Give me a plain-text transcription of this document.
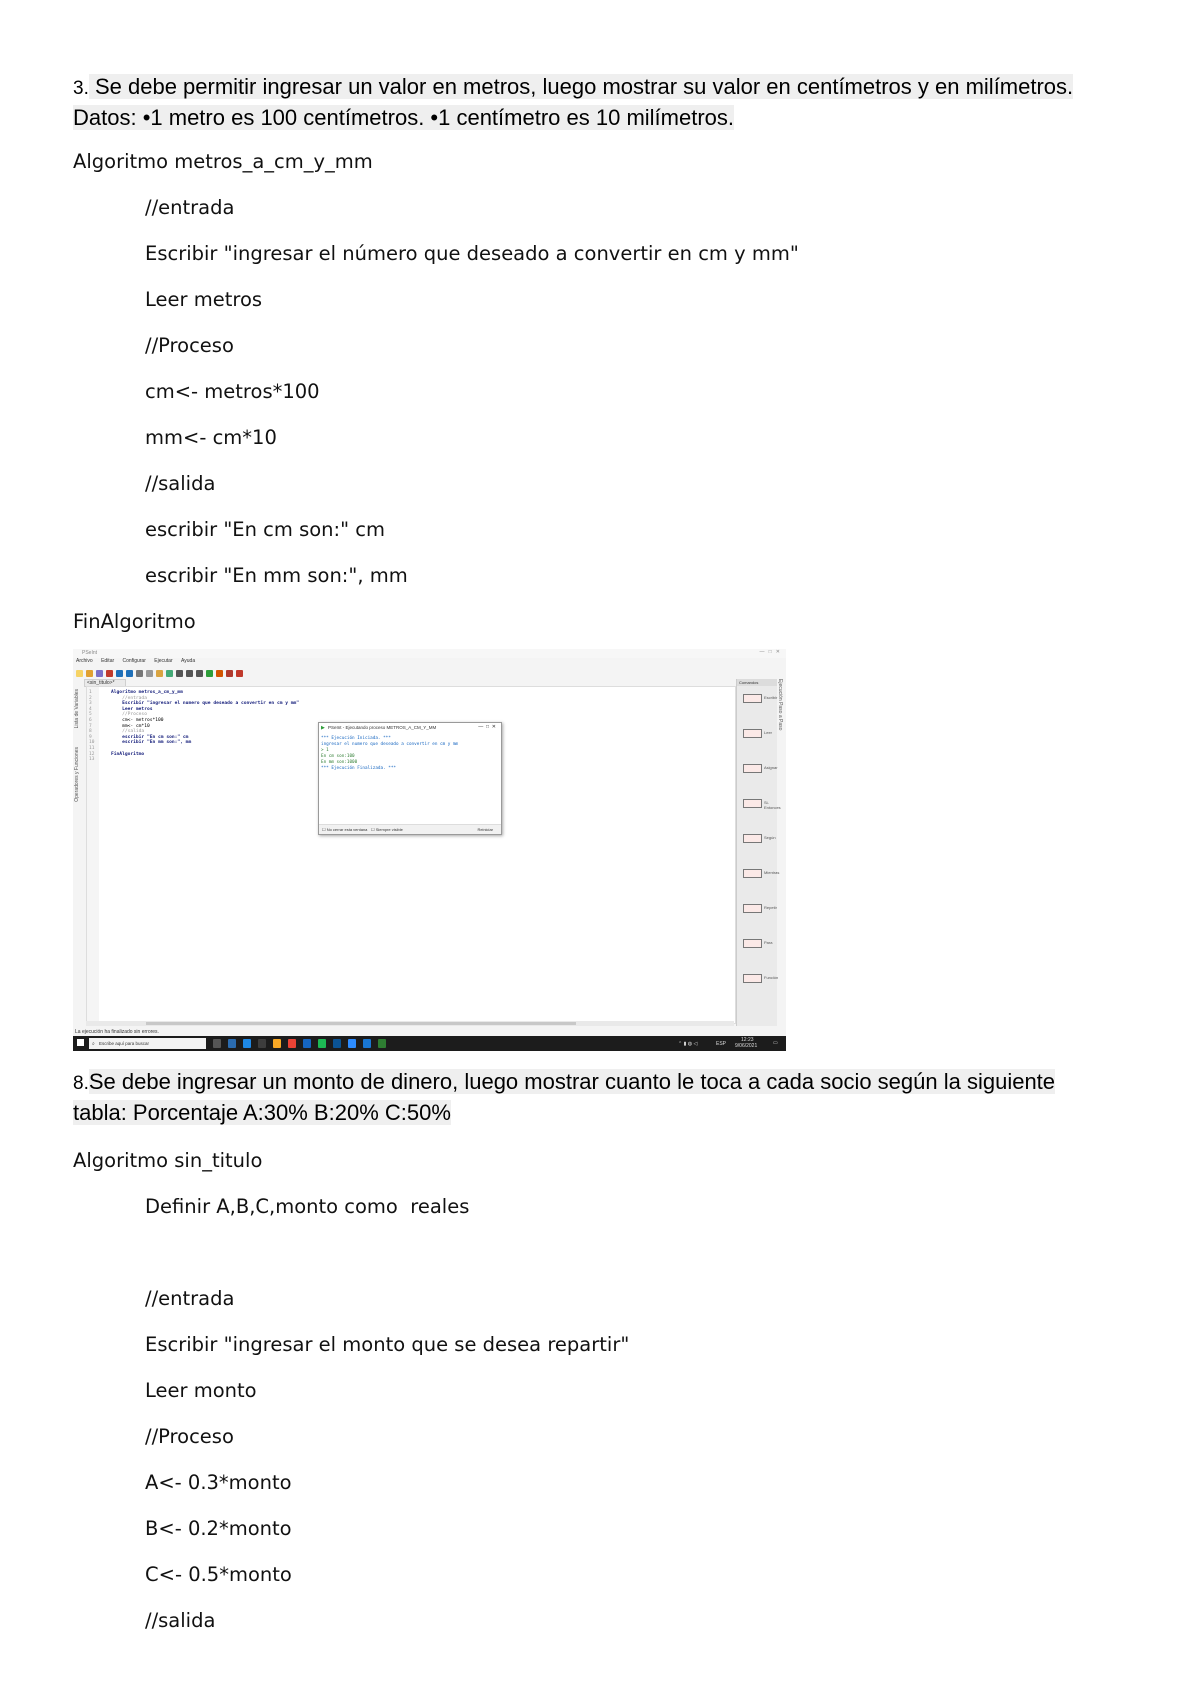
3. Se debe permitir ingresar un valor en metros, luego mostrar su valor en centímetros y en milímetros.
Datos: •1 metro es 100 centímetros. •1 centímetro es 10 milímetros.
Algoritmo metros_a_cm_y_mm
//entrada
Escribir "ingresar el número que deseado a convertir en cm y mm"
Leer metros
//Proceso
cm<- metros*100
mm<- cm*10
//salida
escribir "En cm son:" cm
escribir "En mm son:", mm
FinAlgoritmo
PSeInt	—   □   ✕
Archivo Editar Configurar Ejecutar Ayuda
<sin_titulo>*
Lista de Variables
Operadores y Funciones
1
2
3
4
5
6
7
8
9
10
11
12
13
Algoritmo metros_a_cm_y_mm
//entrada
Escribir "ingresar el numero que deseado a convertir en cm y mm"
Leer metros
//Proceso
cm<- metros*100
mm<- cm*10
//salida
escribir "En cm son:" cm
escribir "En mm son:", mm
FinAlgoritmo
▶ PSeInt - Ejecutando proceso METROS_A_CM_Y_MM	—  □  ✕
*** Ejecución Iniciada. ***
ingresar el numero que deseado a convertir en cm y mm
> 1
En cm son:100
En mm son:1000
*** Ejecución Finalizada. ***
☐ No cerrar esta ventana ☐ Siempre visible	Reiniciar
Comandos
Escribir
Leer
Asignar
Si-Entonces
Según
Mientras
Repetir
Para
Función
Ejecución Paso a Paso
La ejecución ha finalizado sin errores.
⌕ Escribe aquí para buscar	⌃ ▮ ◍ ◁	ESP
12:23
9/06/2021	▭
8.Se debe ingresar un monto de dinero, luego mostrar cuanto le toca a cada socio según la siguiente
tabla: Porcentaje A:30% B:20% C:50%
Algoritmo sin_titulo
Definir A,B,C,monto como  reales
//entrada
Escribir "ingresar el monto que se desea repartir"
Leer monto
//Proceso
A<- 0.3*monto
B<- 0.2*monto
C<- 0.5*monto
//salida
